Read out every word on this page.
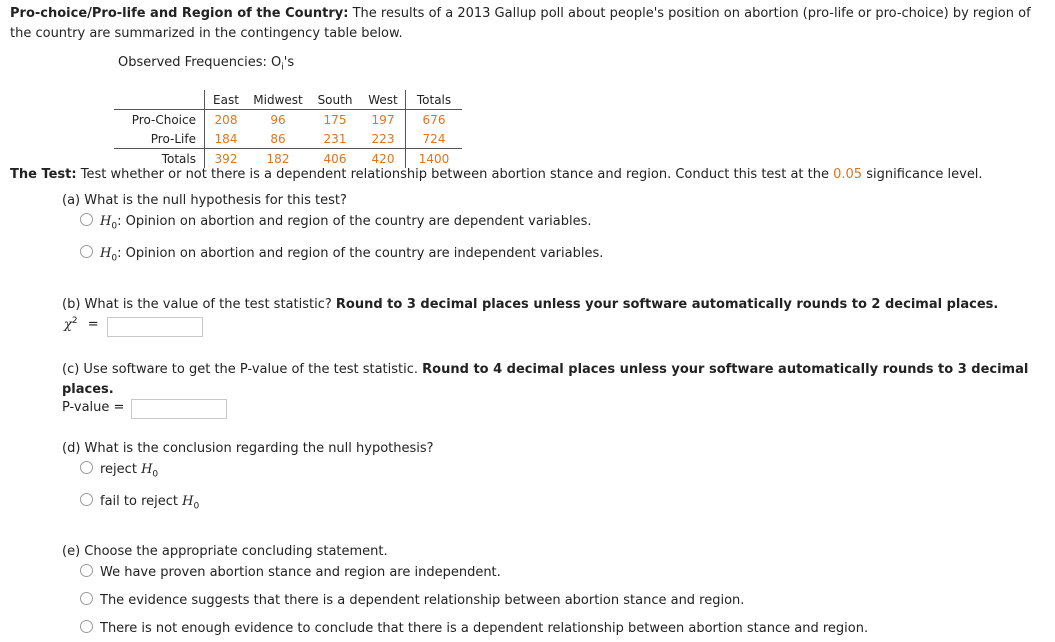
Pro-choice/Pro-life and Region of the Country: The results of a 2013 Gallup poll about people's position on abortion (pro-life or pro-choice) by region of the country are summarized in the contingency table below.
Observed Frequencies: $O_i's$
	East	Midwest	South	West	Totals
Pro-Choice	208	96	175	197	676
Pro-Life	184	86	231	223	724
Totals	392	182	406	420	1400
The Test: Test whether or not there is a dependent relationship between abortion stance and region. Conduct this test at the 0.05 significance level.
(a) What is the null hypothesis for this test?
$H_0$: Opinion on abortion and region of the country are dependent variables.
$H_0$: Opinion on abortion and region of the country are independent variables.
(b) What is the value of the test statistic? Round to 3 decimal places unless your software automatically rounds to 2 decimal places.
$\chi^2$ =
(c) Use software to get the P-value of the test statistic. Round to 4 decimal places unless your software automatically rounds to 3 decimal places.
P-value =
(d) What is the conclusion regarding the null hypothesis?
reject $H_0$
fail to reject $H_0$
(e) Choose the appropriate concluding statement.
We have proven abortion stance and region are independent.
The evidence suggests that there is a dependent relationship between abortion stance and region.
There is not enough evidence to conclude that there is a dependent relationship between abortion stance and region.
